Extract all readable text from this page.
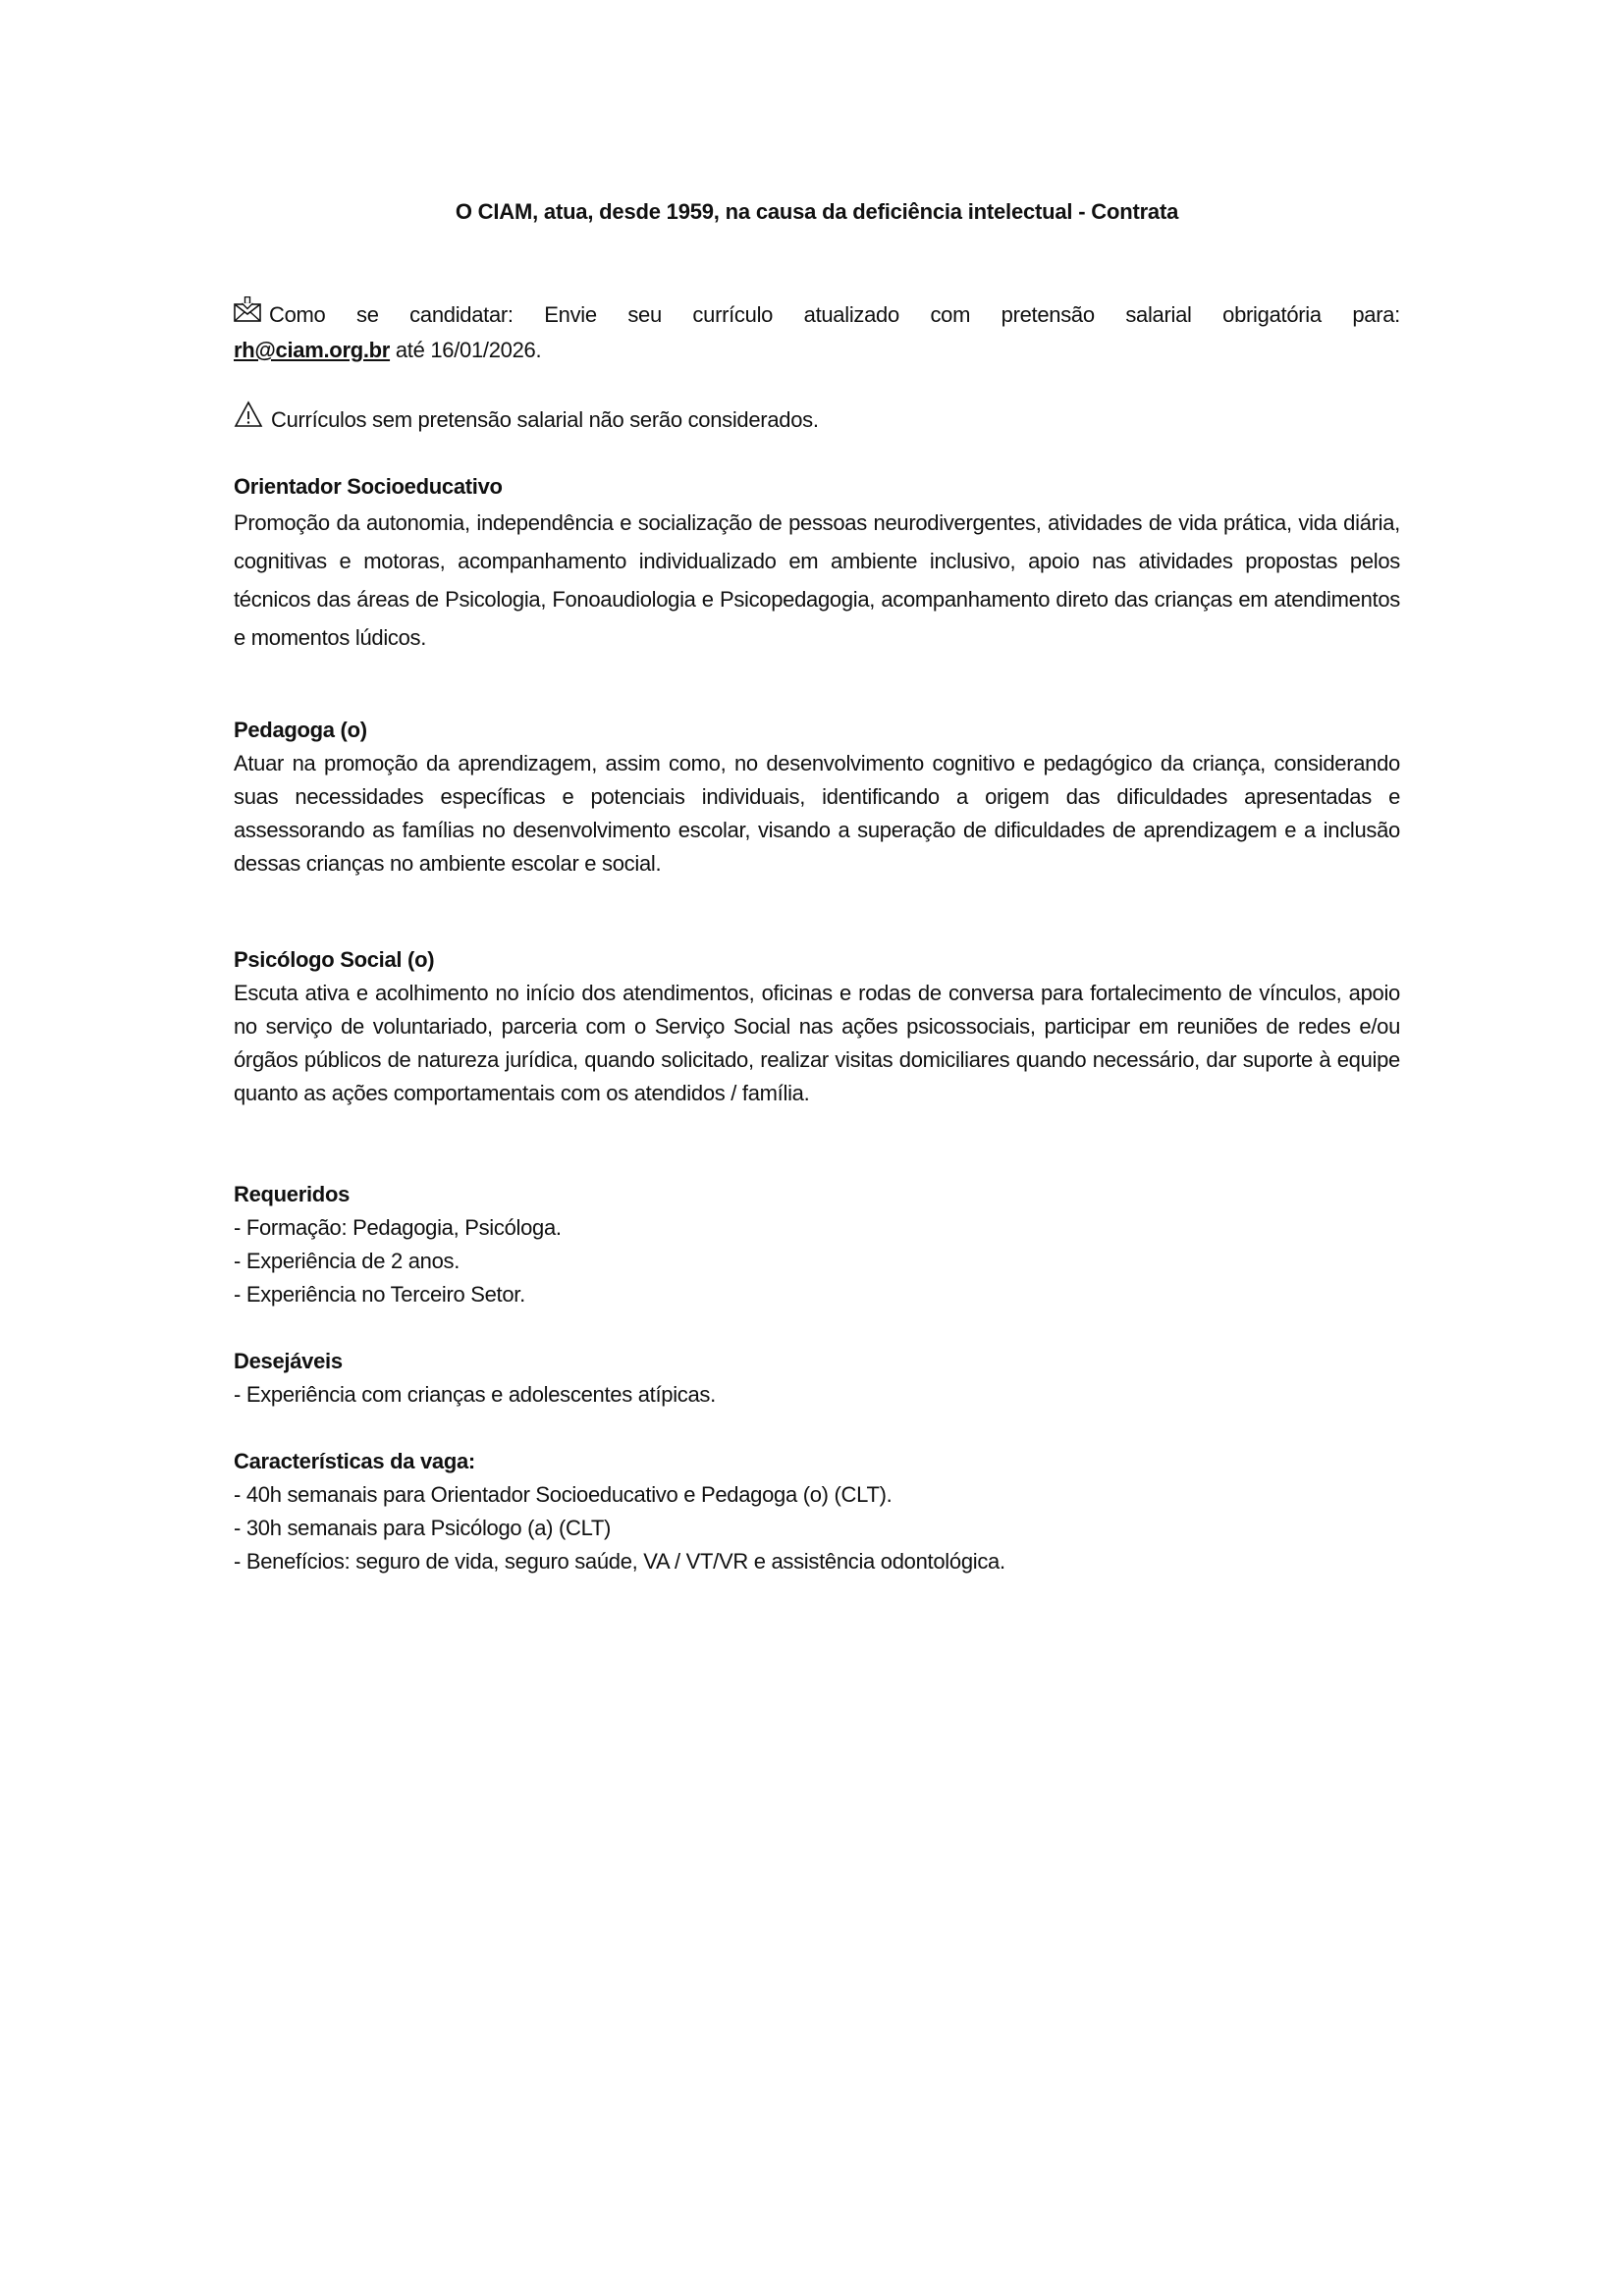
O CIAM, atua, desde 1959, na causa da deficiência intelectual - Contrata
Como se candidatar: Envie seu currículo atualizado com pretensão salarial obrigatória para:
rh@ciam.org.br até 16/01/2026.
Currículos sem pretensão salarial não serão considerados.
Orientador Socioeducativo

Promoção da autonomia, independência e socialização de pessoas neurodivergentes, atividades de vida prática, vida diária, cognitivas e motoras, acompanhamento individualizado em ambiente inclusivo, apoio nas atividades propostas pelos técnicos das áreas de Psicologia, Fonoaudiologia e Psicopedagogia, acompanhamento direto das crianças em atendimentos e momentos lúdicos.

Pedagoga (o)

Atuar na promoção da aprendizagem, assim como, no desenvolvimento cognitivo e pedagógico da criança, considerando suas necessidades específicas e potenciais individuais, identificando a origem das dificuldades apresentadas e assessorando as famílias no desenvolvimento escolar, visando a superação de dificuldades de aprendizagem e a inclusão dessas crianças no ambiente escolar e social.

Psicólogo Social (o)

Escuta ativa e acolhimento no início dos atendimentos, oficinas e rodas de conversa para fortalecimento de vínculos, apoio no serviço de voluntariado, parceria com o Serviço Social nas ações psicossociais, participar em reuniões de redes e/ou órgãos públicos de natureza jurídica, quando solicitado, realizar visitas domiciliares quando necessário, dar suporte à equipe quanto as ações comportamentais com os atendidos / família.

Requeridos
- Formação: Pedagogia, Psicóloga.
- Experiência de 2 anos.
- Experiência no Terceiro Setor.
Desejáveis
- Experiência com crianças e adolescentes atípicas.
Características da vaga:
- 40h semanais para Orientador Socioeducativo e Pedagoga (o) (CLT).
- 30h semanais para Psicólogo (a) (CLT)
- Benefícios: seguro de vida, seguro saúde, VA / VT/VR e assistência odontológica.
